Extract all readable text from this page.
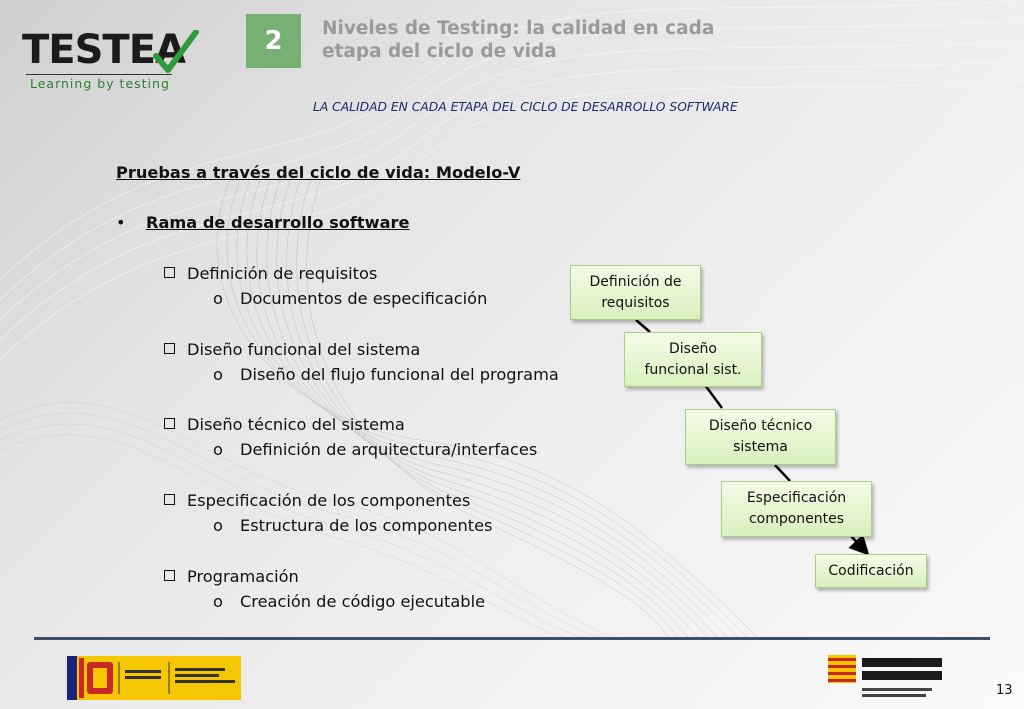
TESTEA
Learning by testing
2	Niveles de Testing: la calidad en cada
etapa del ciclo de vida
LA CALIDAD EN CADA ETAPA DEL CICLO DE DESARROLLO SOFTWARE
Pruebas a través del ciclo de vida: Modelo-V
• Rama de desarrollo software
Definición de requisitos
o Documentos de especificación
Diseño funcional del sistema
o Diseño del flujo funcional del programa
Diseño técnico del sistema
o Definición de arquitectura/interfaces
Especificación de los componentes
o Estructura de los componentes
Programación
o Creación de código ejecutable
Definición de
requisitos
Diseño
funcional sist.
Diseño técnico
sistema
Especificación
componentes
Codificación
13
